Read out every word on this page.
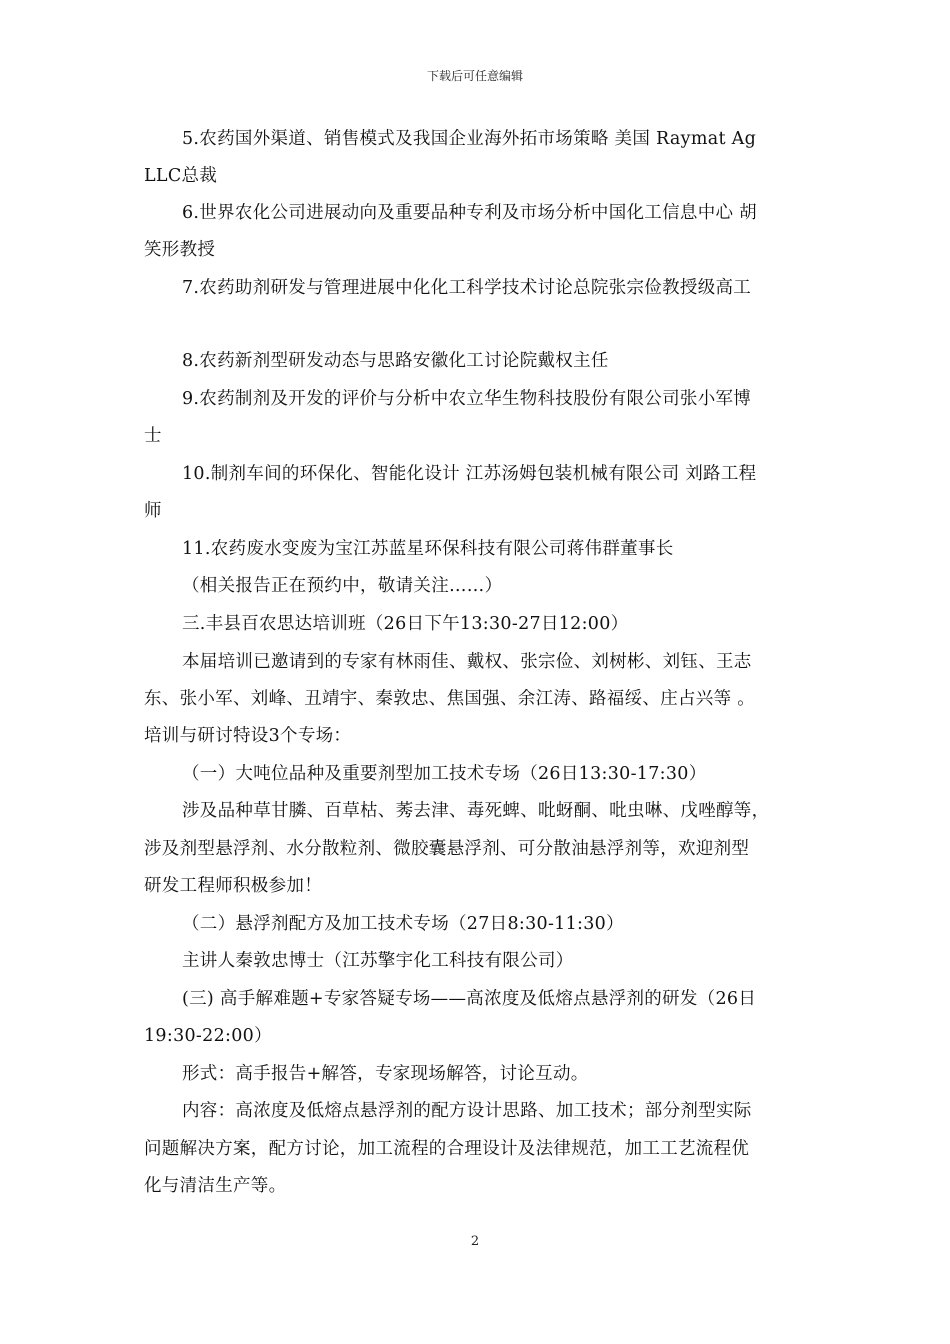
下载后可任意编辑
5.农药国外渠道、销售模式及我国企业海外拓市场策略 美国 Raymat Ag
LLC总裁
6.世界农化公司进展动向及重要品种专利及市场分析中国化工信息中心 胡
笑形教授
7.农药助剂研发与管理进展中化化工科学技术讨论总院张宗俭教授级高工
8.农药新剂型研发动态与思路安徽化工讨论院戴权主任
9.农药制剂及开发的评价与分析中农立华生物科技股份有限公司张小军博
士
10.制剂车间的环保化、智能化设计 江苏汤姆包装机械有限公司 刘路工程
师
11.农药废水变废为宝江苏蓝星环保科技有限公司蒋伟群董事长
（相关报告正在预约中，敬请关注……）
三.丰县百农思达培训班（26日下午13:30-27日12:00）
本届培训已邀请到的专家有林雨佳、戴权、张宗俭、刘树彬、刘钰、王志
东、张小军、刘峰、丑靖宇、秦敦忠、焦国强、余江涛、路福绥、庄占兴等 。
培训与研讨特设3个专场：
（一）大吨位品种及重要剂型加工技术专场（26日13:30-17:30）
涉及品种草甘膦、百草枯、莠去津、毒死蜱、吡蚜酮、吡虫啉、戊唑醇等，
涉及剂型悬浮剂、水分散粒剂、微胶囊悬浮剂、可分散油悬浮剂等，欢迎剂型
研发工程师积极参加！
（二）悬浮剂配方及加工技术专场（27日8:30-11:30）
主讲人秦敦忠博士（江苏擎宇化工科技有限公司）
(三) 高手解难题+专家答疑专场——高浓度及低熔点悬浮剂的研发（26日
19:30-22:00）
形式：高手报告+解答，专家现场解答，讨论互动。
内容：高浓度及低熔点悬浮剂的配方设计思路、加工技术；部分剂型实际
问题解决方案，配方讨论，加工流程的合理设计及法律规范，加工工艺流程优
化与清洁生产等。
2
